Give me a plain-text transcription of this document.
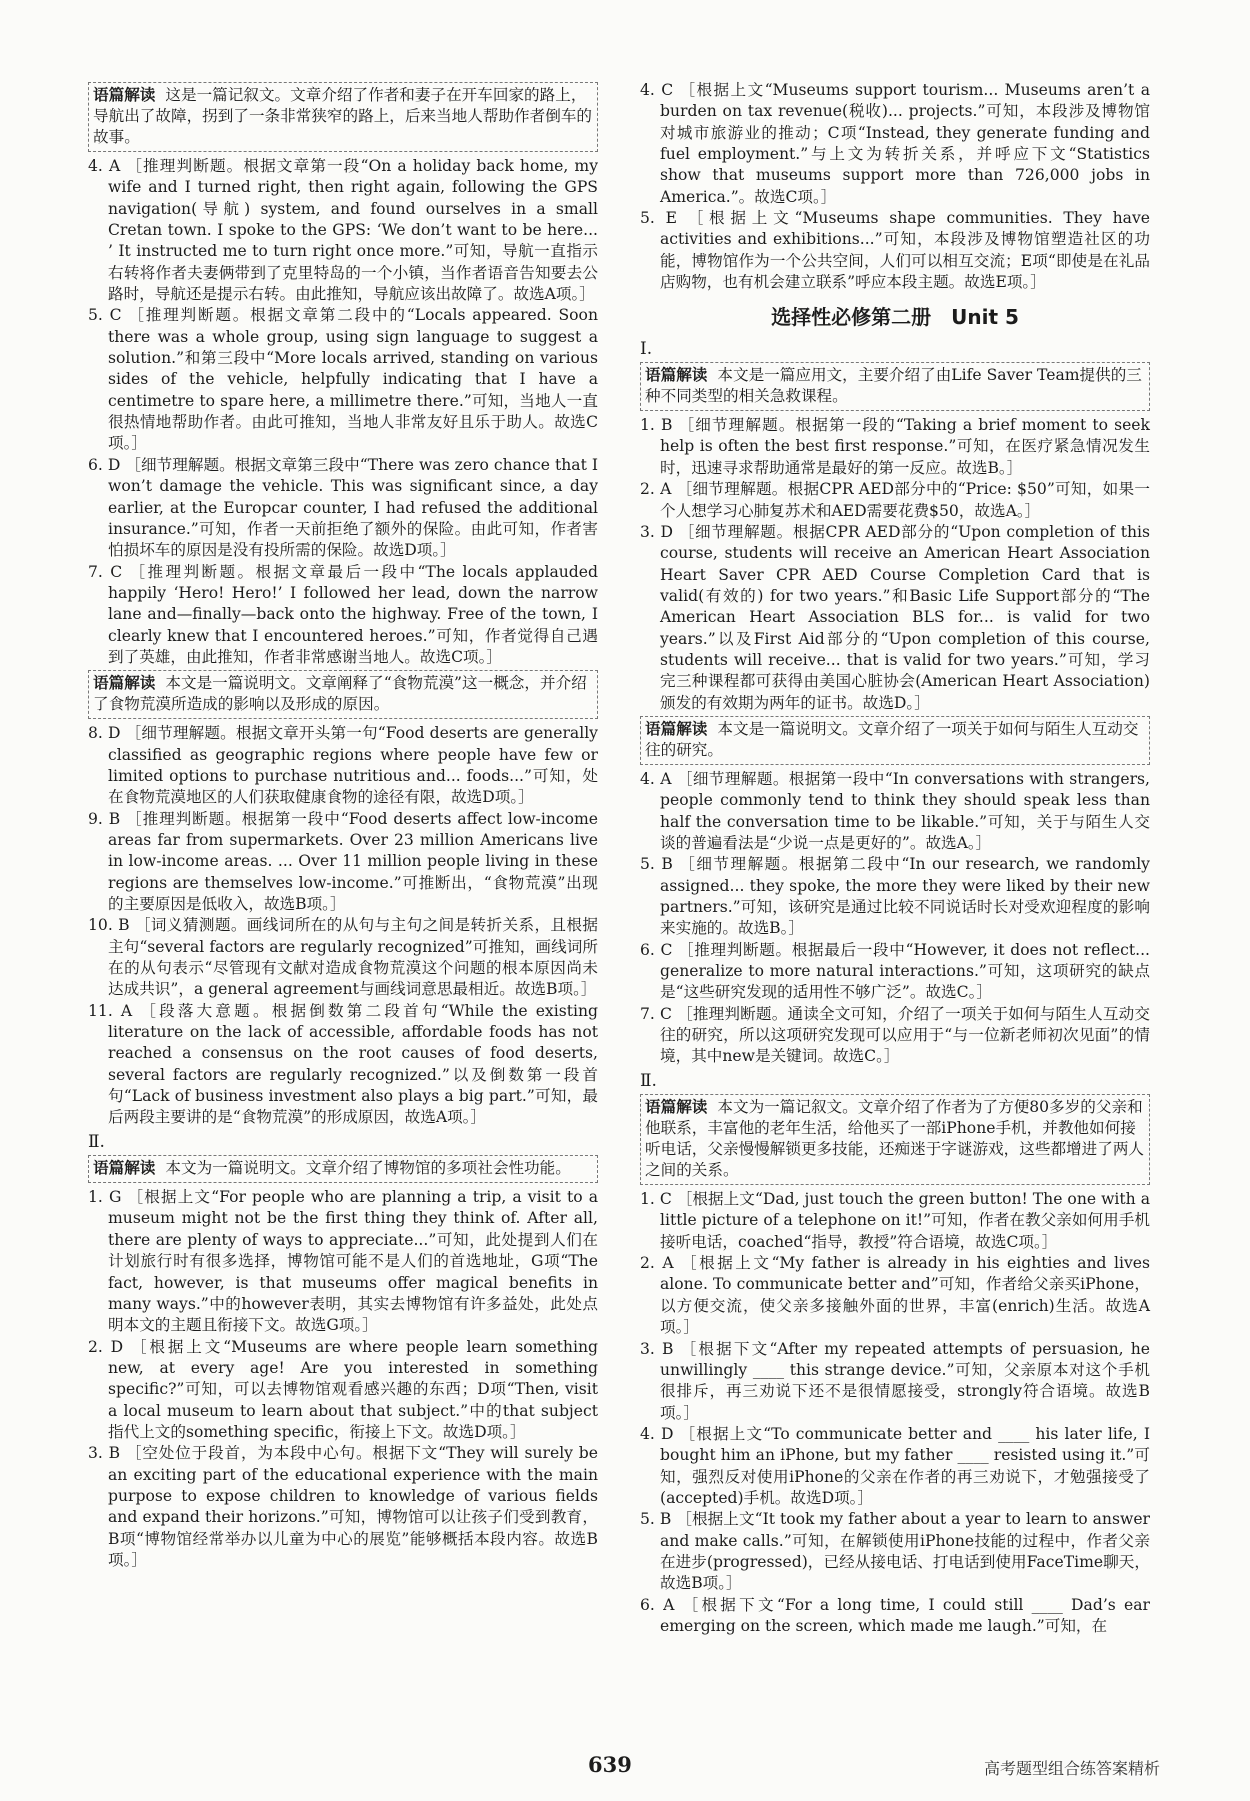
语篇解读 这是一篇记叙文。文章介绍了作者和妻子在开车回家的路上，导航出了故障，拐到了一条非常狭窄的路上，后来当地人帮助作者倒车的故事。

4. A ［推理判断题。根据文章第一段“On a holiday back home, my wife and I turned right, then right again, following the GPS navigation(导航) system, and found ourselves in a small Cretan town. I spoke to the GPS: ‘We don’t want to be here... ’ It instructed me to turn right once more.”可知，导航一直指示右转将作者夫妻俩带到了克里特岛的一个小镇，当作者语音告知要去公路时，导航还是提示右转。由此推知，导航应该出故障了。故选A项。］

5. C ［推理判断题。根据文章第二段中的“Locals appeared. Soon there was a whole group, using sign language to suggest a solution.”和第三段中“More locals arrived, standing on various sides of the vehicle, helpfully indicating that I have a centimetre to spare here, a millimetre there.”可知，当地人一直很热情地帮助作者。由此可推知，当地人非常友好且乐于助人。故选C项。］

6. D ［细节理解题。根据文章第三段中“There was zero chance that I won’t damage the vehicle. This was significant since, a day earlier, at the Europcar counter, I had refused the additional insurance.”可知，作者一天前拒绝了额外的保险。由此可知，作者害怕损坏车的原因是没有投所需的保险。故选D项。］

7. C ［推理判断题。根据文章最后一段中“The locals applauded happily ‘Hero! Hero!’ I followed her lead, down the narrow lane and—finally—back onto the highway. Free of the town, I clearly knew that I encountered heroes.”可知，作者觉得自己遇到了英雄，由此推知，作者非常感谢当地人。故选C项。］

语篇解读 本文是一篇说明文。文章阐释了“食物荒漠”这一概念，并介绍了食物荒漠所造成的影响以及形成的原因。

8. D ［细节理解题。根据文章开头第一句“Food deserts are generally classified as geographic regions where people have few or limited options to purchase nutritious and... foods...”可知，处在食物荒漠地区的人们获取健康食物的途径有限，故选D项。］

9. B ［推理判断题。根据第一段中“Food deserts affect low-income areas far from supermarkets. Over 23 million Americans live in low-income areas. ... Over 11 million people living in these regions are themselves low-income.”可推断出，“食物荒漠”出现的主要原因是低收入，故选B项。］

10. B ［词义猜测题。画线词所在的从句与主句之间是转折关系，且根据主句“several factors are regularly recognized”可推知，画线词所在的从句表示“尽管现有文献对造成食物荒漠这个问题的根本原因尚未达成共识”，a general agreement与画线词意思最相近。故选B项。］

11. A ［段落大意题。根据倒数第二段首句“While the existing literature on the lack of accessible, affordable foods has not reached a consensus on the root causes of food deserts, several factors are regularly recognized.”以及倒数第一段首句“Lack of business investment also plays a big part.”可知，最后两段主要讲的是“食物荒漠”的形成原因，故选A项。］

Ⅱ.
语篇解读 本文为一篇说明文。文章介绍了博物馆的多项社会性功能。

1. G ［根据上文“For people who are planning a trip, a visit to a museum might not be the first thing they think of. After all, there are plenty of ways to appreciate...”可知，此处提到人们在计划旅行时有很多选择，博物馆可能不是人们的首选地址，G项“The fact, however, is that museums offer magical benefits in many ways.”中的however表明，其实去博物馆有许多益处，此处点明本文的主题且衔接下文。故选G项。］

2. D ［根据上文“Museums are where people learn something new, at every age! Are you interested in something specific?”可知，可以去博物馆观看感兴趣的东西；D项“Then, visit a local museum to learn about that subject.”中的that subject指代上文的something specific，衔接上下文。故选D项。］

3. B ［空处位于段首，为本段中心句。根据下文“They will surely be an exciting part of the educational experience with the main purpose to expose children to knowledge of various fields and expand their horizons.”可知，博物馆可以让孩子们受到教育，B项“博物馆经常举办以儿童为中心的展览”能够概括本段内容。故选B项。］

4. C ［根据上文“Museums support tourism... Museums aren’t a burden on tax revenue(税收)... projects.”可知，本段涉及博物馆对城市旅游业的推动；C项“Instead, they generate funding and fuel employment.”与上文为转折关系，并呼应下文“Statistics show that museums support more than 726,000 jobs in America.”。故选C项。］

5. E ［根据上文“Museums shape communities. They have activities and exhibitions...”可知，本段涉及博物馆塑造社区的功能，博物馆作为一个公共空间，人们可以相互交流；E项“即使是在礼品店购物，也有机会建立联系”呼应本段主题。故选E项。］

选择性必修第二册　Unit 5
Ⅰ.
语篇解读 本文是一篇应用文，主要介绍了由Life Saver Team提供的三种不同类型的相关急救课程。

1. B ［细节理解题。根据第一段的“Taking a brief moment to seek help is often the best first response.”可知，在医疗紧急情况发生时，迅速寻求帮助通常是最好的第一反应。故选B。］

2. A ［细节理解题。根据CPR AED部分中的“Price: $50”可知，如果一个人想学习心肺复苏术和AED需要花费$50，故选A。］

3. D ［细节理解题。根据CPR AED部分的“Upon completion of this course, students will receive an American Heart Association Heart Saver CPR AED Course Completion Card that is valid(有效的) for two years.”和Basic Life Support部分的“The American Heart Association BLS for... is valid for two years.”以及First Aid部分的“Upon completion of this course, students will receive... that is valid for two years.”可知，学习完三种课程都可获得由美国心脏协会(American Heart Association)颁发的有效期为两年的证书。故选D。］

语篇解读 本文是一篇说明文。文章介绍了一项关于如何与陌生人互动交往的研究。

4. A ［细节理解题。根据第一段中“In conversations with strangers, people commonly tend to think they should speak less than half the conversation time to be likable.”可知，关于与陌生人交谈的普遍看法是“少说一点是更好的”。故选A。］

5. B ［细节理解题。根据第二段中“In our research, we randomly assigned... they spoke, the more they were liked by their new partners.”可知，该研究是通过比较不同说话时长对受欢迎程度的影响来实施的。故选B。］

6. C ［推理判断题。根据最后一段中“However, it does not reflect... generalize to more natural interactions.”可知，这项研究的缺点是“这些研究发现的适用性不够广泛”。故选C。］

7. C ［推理判断题。通读全文可知，介绍了一项关于如何与陌生人互动交往的研究，所以这项研究发现可以应用于“与一位新老师初次见面”的情境，其中new是关键词。故选C。］

Ⅱ.
语篇解读 本文为一篇记叙文。文章介绍了作者为了方便80多岁的父亲和他联系，丰富他的老年生活，给他买了一部iPhone手机，并教他如何接听电话，父亲慢慢解锁更多技能，还痴迷于字谜游戏，这些都增进了两人之间的关系。

1. C ［根据上文“Dad, just touch the green button! The one with a little picture of a telephone on it!”可知，作者在教父亲如何用手机接听电话，coached“指导，教授”符合语境，故选C项。］

2. A ［根据上文“My father is already in his eighties and lives alone. To communicate better and”可知，作者给父亲买iPhone，以方便交流，使父亲多接触外面的世界，丰富(enrich)生活。故选A项。］

3. B ［根据下文“After my repeated attempts of persuasion, he unwillingly ____ this strange device.”可知，父亲原本对这个手机很排斥，再三劝说下还不是很情愿接受，strongly符合语境。故选B项。］

4. D ［根据上文“To communicate better and ____ his later life, I bought him an iPhone, but my father ____ resisted using it.”可知，强烈反对使用iPhone的父亲在作者的再三劝说下，才勉强接受了(accepted)手机。故选D项。］

5. B ［根据上文“It took my father about a year to learn to answer and make calls.”可知，在解锁使用iPhone技能的过程中，作者父亲在进步(progressed)，已经从接电话、打电话到使用FaceTime聊天，故选B项。］

6. A ［根据下文“For a long time, I could still ____ Dad’s ear emerging on the screen, which made me laugh.”可知，在

639	高考题型组合练答案精析
